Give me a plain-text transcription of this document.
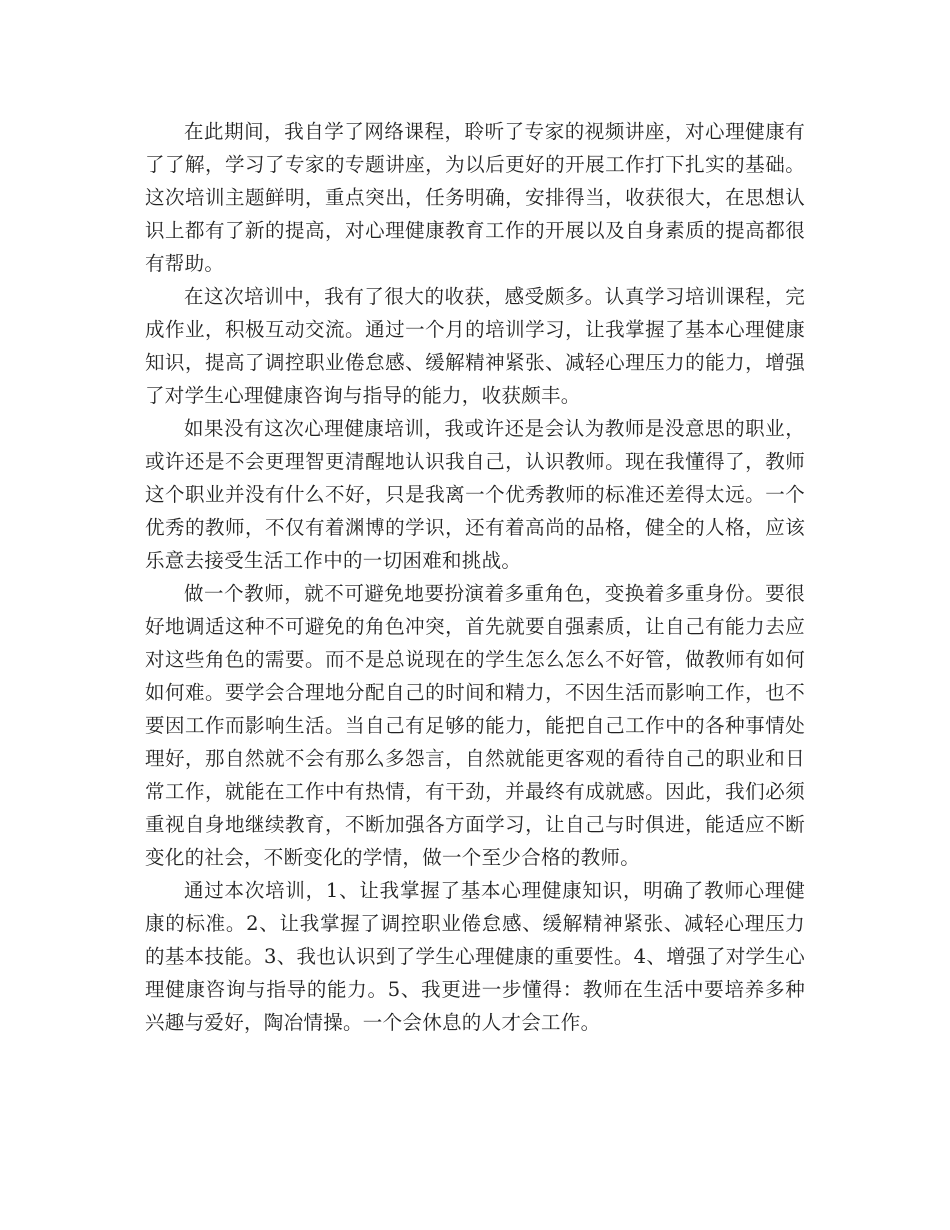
在此期间，我自学了网络课程，聆听了专家的视频讲座，对心理健康有了了解，学习了专家的专题讲座，为以后更好的开展工作打下扎实的基础。这次培训主题鲜明，重点突出，任务明确，安排得当，收获很大，在思想认识上都有了新的提高，对心理健康教育工作的开展以及自身素质的提高都很有帮助。

在这次培训中，我有了很大的收获，感受颇多。认真学习培训课程，完成作业，积极互动交流。通过一个月的培训学习，让我掌握了基本心理健康知识，提高了调控职业倦怠感、缓解精神紧张、减轻心理压力的能力，增强了对学生心理健康咨询与指导的能力，收获颇丰。

如果没有这次心理健康培训，我或许还是会认为教师是没意思的职业，或许还是不会更理智更清醒地认识我自己，认识教师。现在我懂得了，教师这个职业并没有什么不好，只是我离一个优秀教师的标准还差得太远。一个优秀的教师，不仅有着渊博的学识，还有着高尚的品格，健全的人格，应该乐意去接受生活工作中的一切困难和挑战。

做一个教师，就不可避免地要扮演着多重角色，变换着多重身份。要很好地调适这种不可避免的角色冲突，首先就要自强素质，让自己有能力去应对这些角色的需要。而不是总说现在的学生怎么怎么不好管，做教师有如何如何难。要学会合理地分配自己的时间和精力，不因生活而影响工作，也不要因工作而影响生活。当自己有足够的能力，能把自己工作中的各种事情处理好，那自然就不会有那么多怨言，自然就能更客观的看待自己的职业和日常工作，就能在工作中有热情，有干劲，并最终有成就感。因此，我们必须重视自身地继续教育，不断加强各方面学习，让自己与时俱进，能适应不断变化的社会，不断变化的学情，做一个至少合格的教师。

通过本次培训，1、让我掌握了基本心理健康知识，明确了教师心理健康的标准。2、让我掌握了调控职业倦怠感、缓解精神紧张、减轻心理压力的基本技能。3、我也认识到了学生心理健康的重要性。4、增强了对学生心理健康咨询与指导的能力。5、我更进一步懂得：教师在生活中要培养多种兴趣与爱好，陶冶情操。一个会休息的人才会工作。
